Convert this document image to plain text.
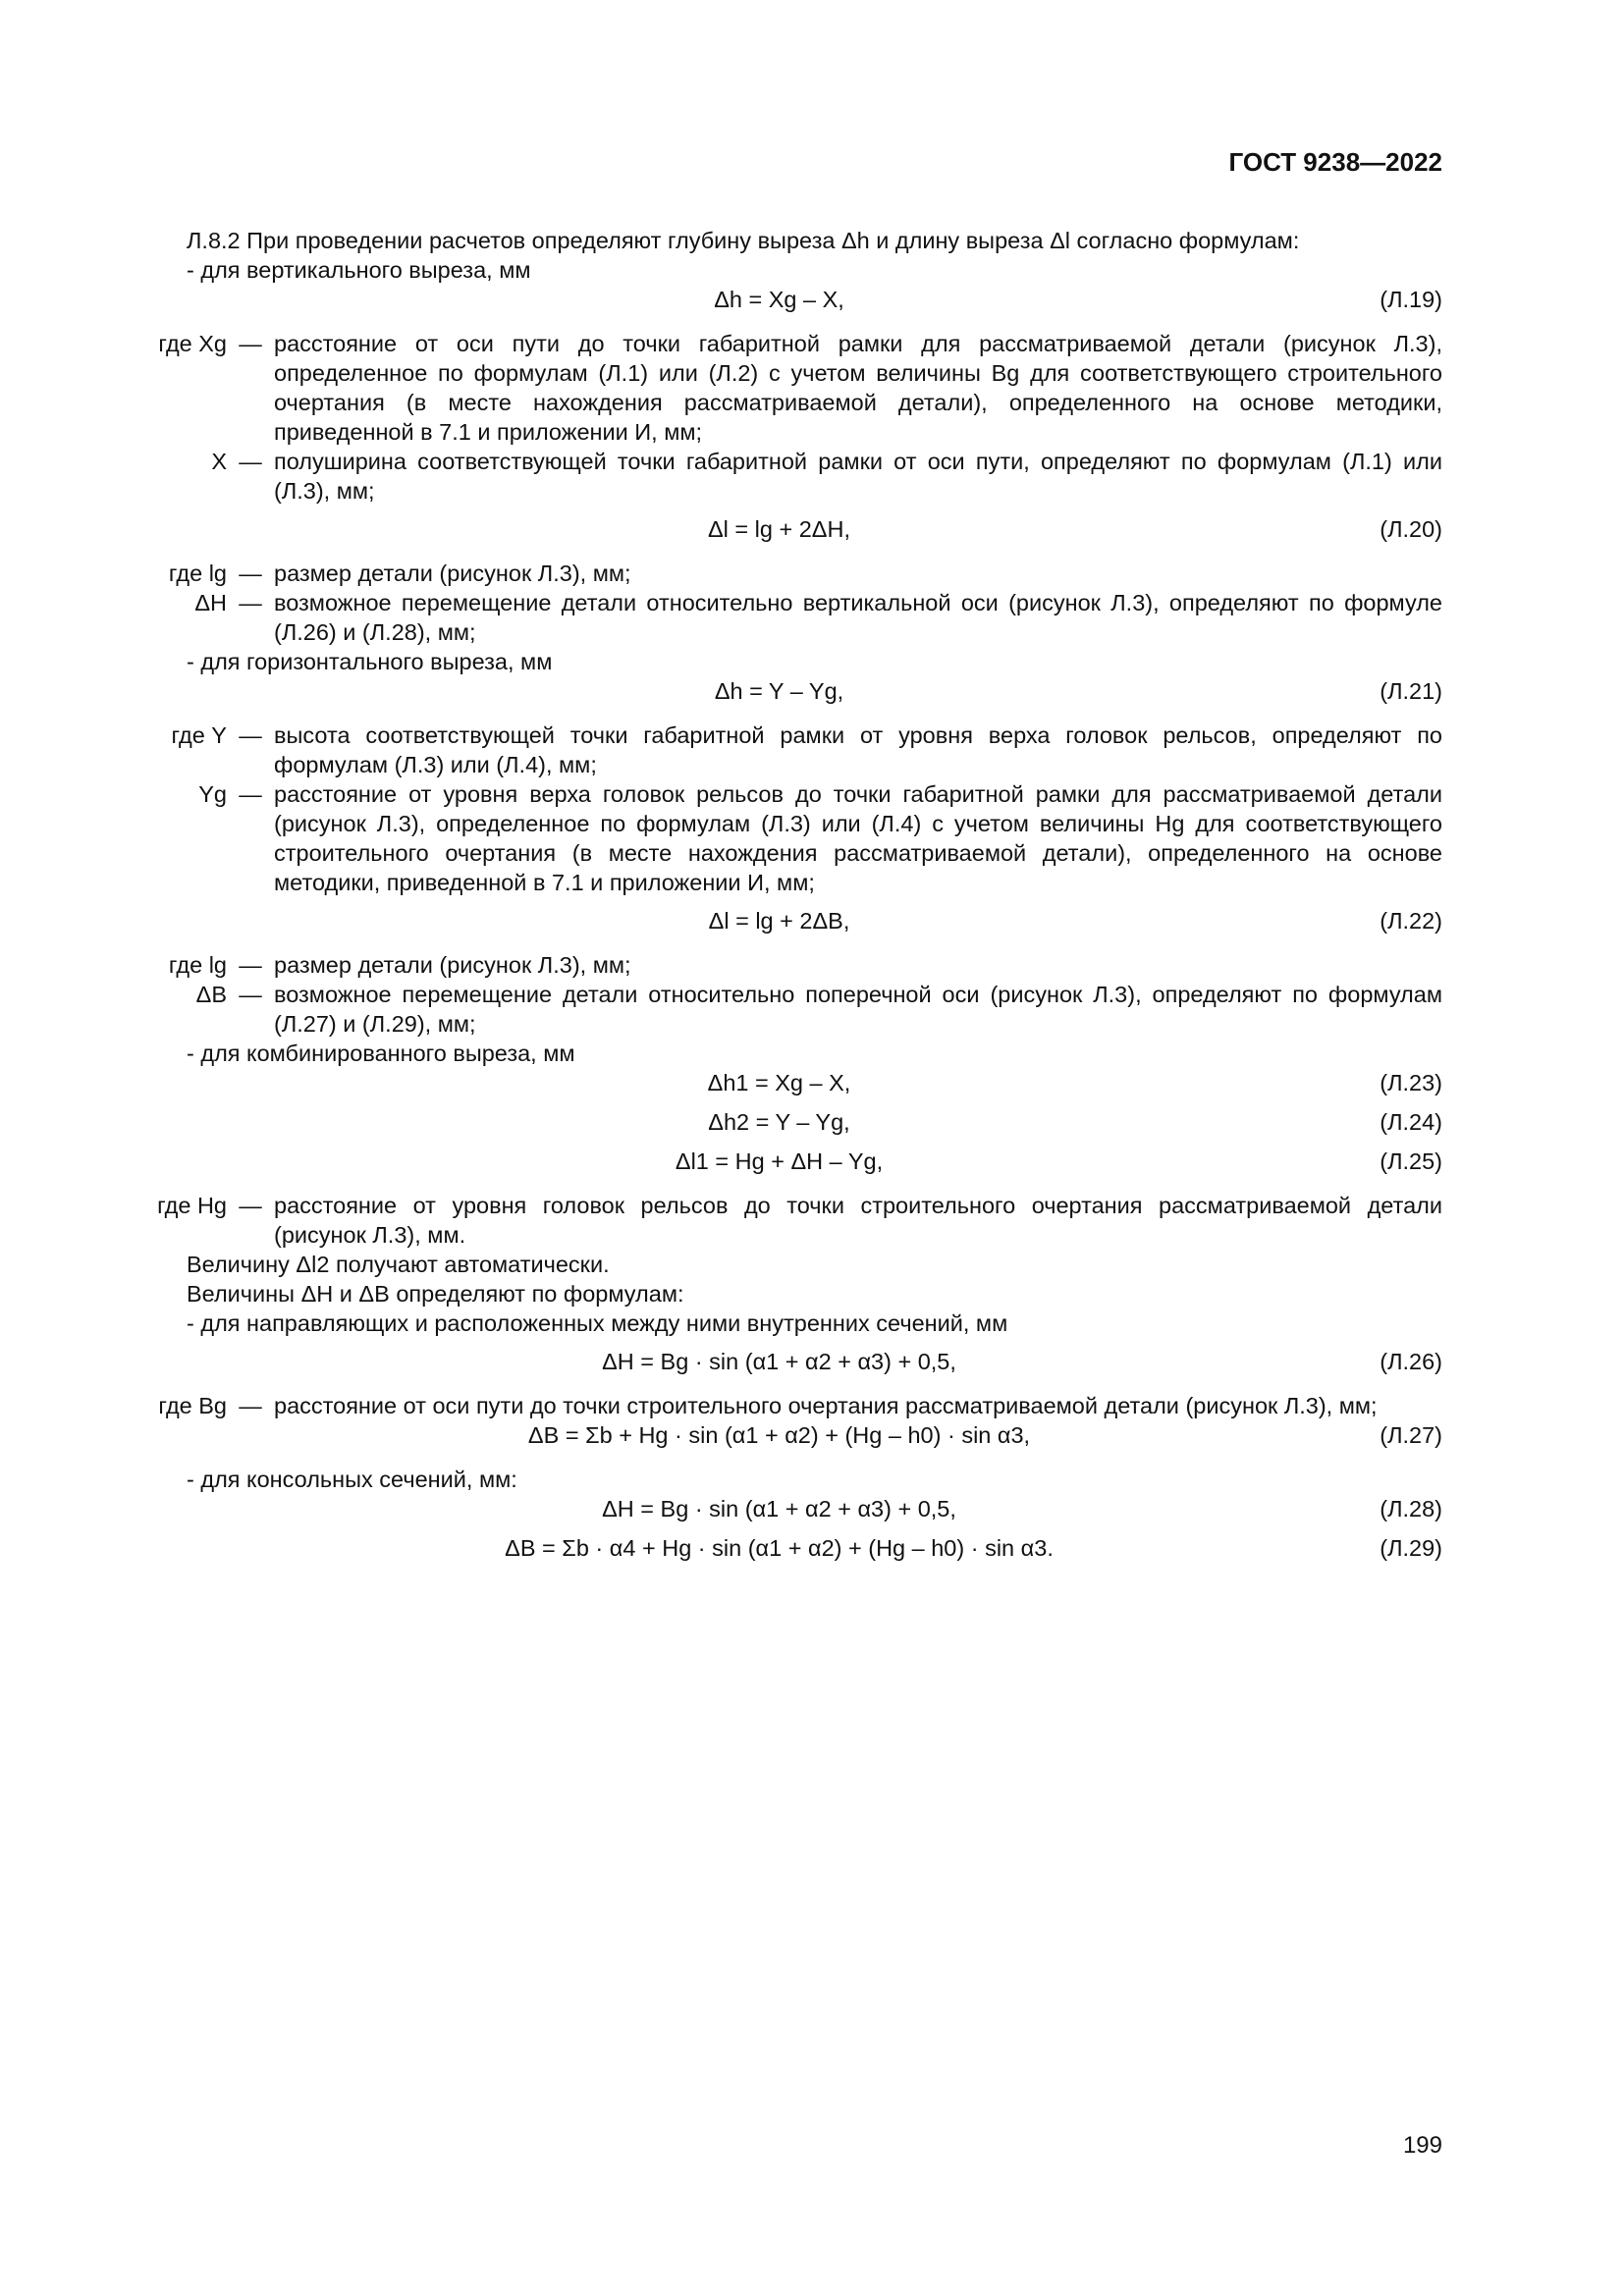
ГОСТ 9238—2022
Л.8.2 При проведении расчетов определяют глубину выреза Δh и длину выреза Δl согласно формулам:
- для вертикального выреза, мм
Δh = Xg – X,	(Л.19)
где Xg — расстояние от оси пути до точки габаритной рамки для рассматриваемой детали (рисунок Л.3), определенное по формулам (Л.1) или (Л.2) с учетом величины Bg для соответствующего строительного очертания (в месте нахождения рассматриваемой детали), определенного на основе методики, приведенной в 7.1 и приложении И, мм;
X — полуширина соответствующей точки габаритной рамки от оси пути, определяют по формулам (Л.1) или (Л.3), мм;
Δl = lg + 2ΔH,	(Л.20)
где lg — размер детали (рисунок Л.3), мм;
ΔH — возможное перемещение детали относительно вертикальной оси (рисунок Л.3), определяют по формуле (Л.26) и (Л.28), мм;
- для горизонтального выреза, мм
Δh = Y – Yg,	(Л.21)
где Y — высота соответствующей точки габаритной рамки от уровня верха головок рельсов, определяют по формулам (Л.3) или (Л.4), мм;
Yg — расстояние от уровня верха головок рельсов до точки габаритной рамки для рассматриваемой детали (рисунок Л.3), определенное по формулам (Л.3) или (Л.4) с учетом величины Hg для соответствующего строительного очертания (в месте нахождения рассматриваемой детали), определенного на основе методики, приведенной в 7.1 и приложении И, мм;
Δl = lg + 2ΔB,	(Л.22)
где lg — размер детали (рисунок Л.3), мм;
ΔB — возможное перемещение детали относительно поперечной оси (рисунок Л.3), определяют по формулам (Л.27) и (Л.29), мм;
- для комбинированного выреза, мм
Δh1 = Xg – X,	(Л.23)
Δh2 = Y – Yg,	(Л.24)
Δl1 = Hg + ΔH – Yg,	(Л.25)
где Hg — расстояние от уровня головок рельсов до точки строительного очертания рассматриваемой детали (рисунок Л.3), мм.
Величину Δl2 получают автоматически.
Величины ΔH и ΔB определяют по формулам:
- для направляющих и расположенных между ними внутренних сечений, мм
ΔH = Bg · sin (α1 + α2 + α3) + 0,5,	(Л.26)
где Bg — расстояние от оси пути до точки строительного очертания рассматриваемой детали (рисунок Л.3), мм;
ΔB = Σb + Hg · sin (α1 + α2) + (Hg – h0) · sin α3,	(Л.27)
- для консольных сечений, мм:
ΔH = Bg · sin (α1 + α2 + α3) + 0,5,	(Л.28)
ΔB = Σb · α4 + Hg · sin (α1 + α2) + (Hg – h0) · sin α3.	(Л.29)
199
